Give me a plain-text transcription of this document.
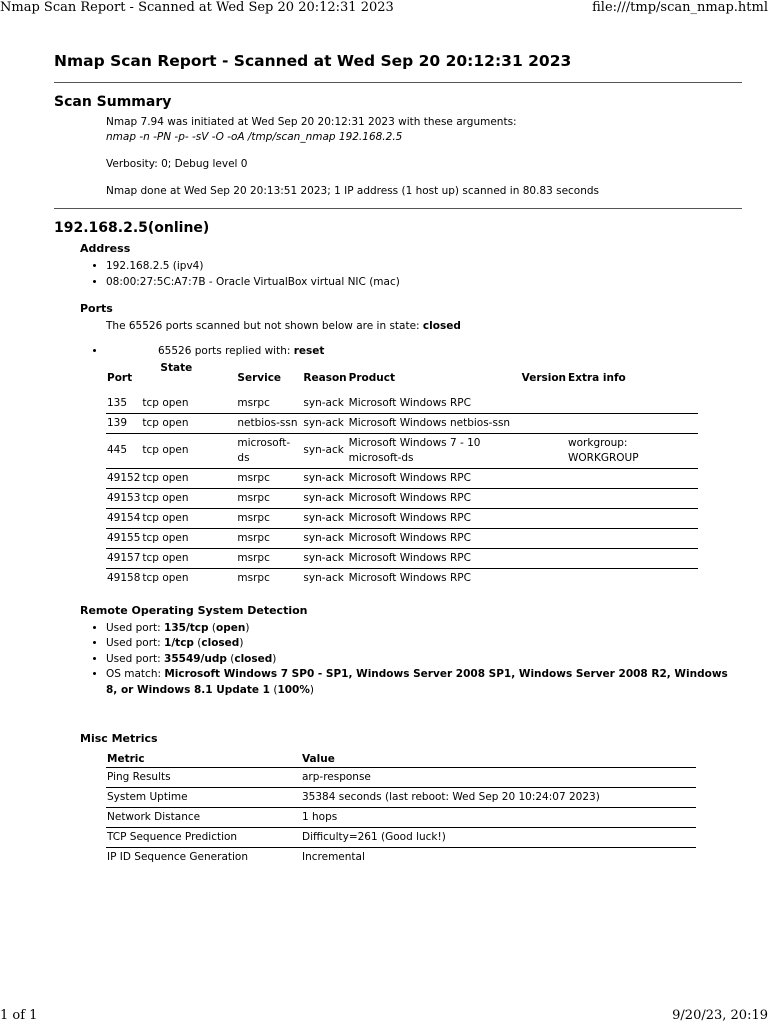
Nmap Scan Report - Scanned at Wed Sep 20 20:12:31 2023	file:///tmp/scan_nmap.html
Nmap Scan Report - Scanned at Wed Sep 20 20:12:31 2023
Scan Summary
Nmap 7.94 was initiated at Wed Sep 20 20:12:31 2023 with these arguments:
nmap -n -PN -p- -sV -O -oA /tmp/scan_nmap 192.168.2.5
Verbosity: 0; Debug level 0
Nmap done at Wed Sep 20 20:13:51 2023; 1 IP address (1 host up) scanned in 80.83 seconds
192.168.2.5(online)
Address
• 192.168.2.5 (ipv4)
• 08:00:27:5C:A7:7B - Oracle VirtualBox virtual NIC (mac)
Ports
The 65526 ports scanned but not shown below are in state: closed
• 65526 ports replied with: reset
Port	State	Service	Reason	Product	Version	Extra info
135	tcp open	msrpc	syn-ack	Microsoft Windows RPC		
139	tcp open	netbios-ssn	syn-ack	Microsoft Windows netbios-ssn		
445	tcp open	microsoft-ds	syn-ack	Microsoft Windows 7 - 10 microsoft-ds		workgroup: WORKGROUP
49152	tcp open	msrpc	syn-ack	Microsoft Windows RPC		
49153	tcp open	msrpc	syn-ack	Microsoft Windows RPC		
49154	tcp open	msrpc	syn-ack	Microsoft Windows RPC		
49155	tcp open	msrpc	syn-ack	Microsoft Windows RPC		
49157	tcp open	msrpc	syn-ack	Microsoft Windows RPC		
49158	tcp open	msrpc	syn-ack	Microsoft Windows RPC		
Remote Operating System Detection
• Used port: 135/tcp (open)
• Used port: 1/tcp (closed)
• Used port: 35549/udp (closed)
• OS match: Microsoft Windows 7 SP0 - SP1, Windows Server 2008 SP1, Windows Server 2008 R2, Windows 8, or Windows 8.1 Update 1 (100%)
Misc Metrics
Metric	Value
Ping Results	arp-response
System Uptime	35384 seconds (last reboot: Wed Sep 20 10:24:07 2023)
Network Distance	1 hops
TCP Sequence Prediction	Difficulty=261 (Good luck!)
IP ID Sequence Generation	Incremental
1 of 1	9/20/23, 20:19
